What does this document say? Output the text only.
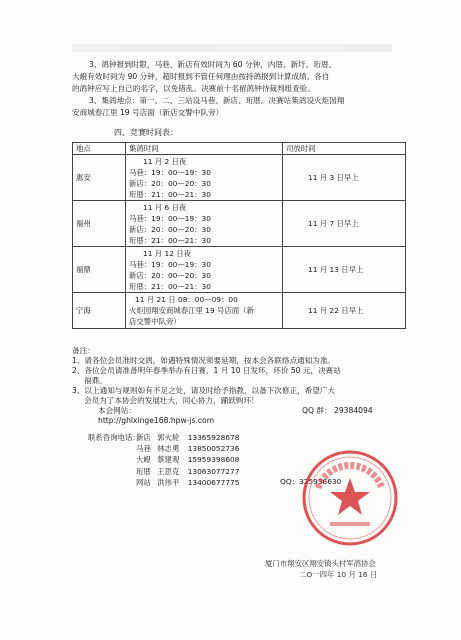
3、鸽钟报到时限，马巷、新店有效时间为 60 分钟，内厝、新圩、珩厝、
大嶝有效时间为 90 分钟，超时报到不管任何理由按持鸽报到计算成绩。各自
的鸽钟应写上自己的名字，以免错乱。决赛前十名留鸽钟待裁判组查验。
3、集鸽地点：第一、二、三站设马巷、新店、珩厝。决赛站集鸽设火炬园翔
安商城春江里 19 号店面（新店交警中队旁）
四、竞赛时间表：
地点	集鸽时间	司放时间
惠安	11 月 2 日夜
马巷：19：00—19：30
新店：20：00—20：30
珩厝：21：00—21：30	11 月 3 日早上
福州	11 月 6 日夜
马巷：19：00—19：30
新店：20：00—20：30
珩厝：21：00—21：30	11 月 7 日早上
福鼎	11 月 12 日夜
马巷：19：00—19：30
新店：20：00—20：30
珩厝：21：00—21：30	11 月 13 日早上
宁海	11 月 21 日 08：00—09：00
火炬园翔安商城春江里 19 号店面（新
店交警中队旁）	11 月 22 日早上
备注：
1、请各位会员准时交鸽，如遇特殊情况须要延期，按本会各联络点通知为准。
2、各位会员请准备明年春季举办有日赛，1 月 10 日发环，环价 50 元，决赛站
福鼎。
3、以上通知与规则如有不足之处，请及时给予指教，以备下次修正，希望广大
会员为了本协会的发展壮大，同心协力，踊跃购环！
本会网站：	QQ 群： 29384094
http://ghlxinge168.hpw-js.com
联系咨询电话：
新店 郭火轮 13365928678
马巷 林志勇 13850052736
大嶝 蔡建观 15959398608
珩厝 王思克 13063077277
网站 洪伟平 13400677775	QQ：325936630
厦门市翔安区翔安镇头村军鸽协会
二O一四年 10 月 16 日
